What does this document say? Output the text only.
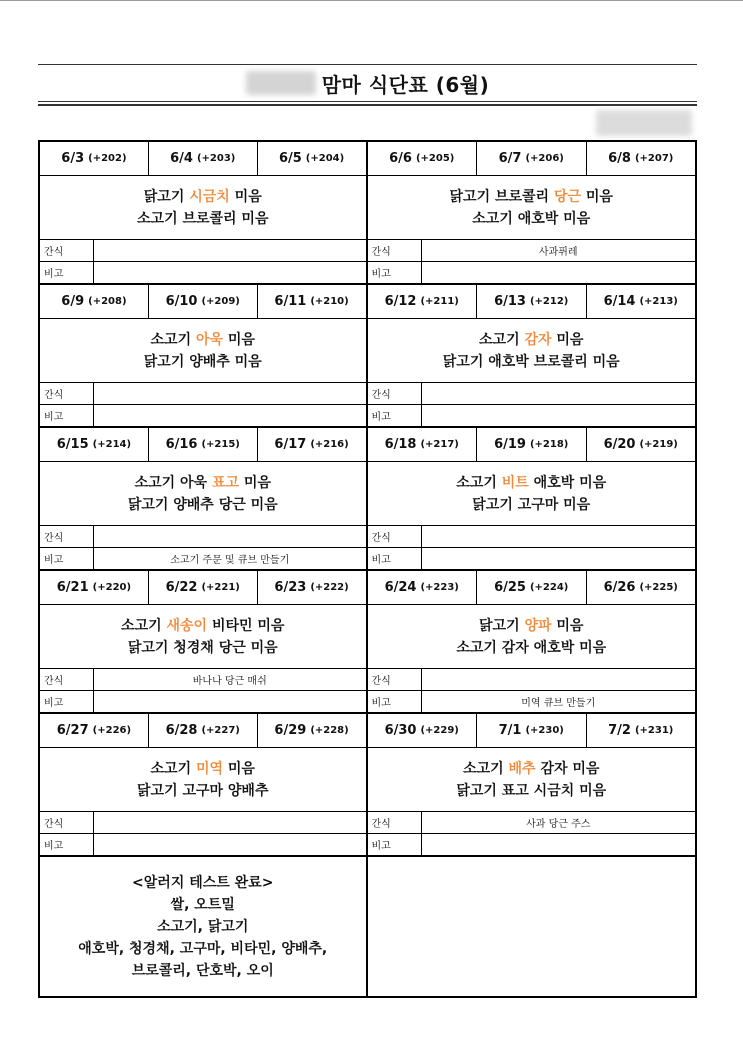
맘마 식단표 (6월)
6/3 (+202)	6/4 (+203)	6/5 (+204)
닭고기 시금치 미음
소고기 브로콜리 미음
간식
비고
6/6 (+205)	6/7 (+206)	6/8 (+207)
닭고기 브로콜리 당근 미음
소고기 애호박 미음
간식	사과퓌레
비고
6/9 (+208)	6/10 (+209)	6/11 (+210)
소고기 아욱 미음
닭고기 양배추 미음
간식
비고
6/12 (+211)	6/13 (+212)	6/14 (+213)
소고기 감자 미음
닭고기 애호박 브로콜리 미음
간식
비고
6/15 (+214)	6/16 (+215)	6/17 (+216)
소고기 아욱 표고 미음
닭고기 양배추 당근 미음
간식
비고	소고기 주문 및 큐브 만들기
6/18 (+217)	6/19 (+218)	6/20 (+219)
소고기 비트 애호박 미음
닭고기 고구마 미음
간식
비고
6/21 (+220)	6/22 (+221)	6/23 (+222)
소고기 새송이 비타민 미음
닭고기 청경채 당근 미음
간식	바나나 당근 매쉬
비고
6/24 (+223)	6/25 (+224)	6/26 (+225)
닭고기 양파 미음
소고기 감자 애호박 미음
간식
비고	미역 큐브 만들기
6/27 (+226)	6/28 (+227)	6/29 (+228)
소고기 미역 미음
닭고기 고구마 양배추
간식
비고
6/30 (+229)	7/1 (+230)	7/2 (+231)
소고기 배추 감자 미음
닭고기 표고 시금치 미음
간식	사과 당근 주스
비고
<알러지 테스트 완료>
쌀, 오트밀
소고기, 닭고기
애호박, 청경채, 고구마, 비타민, 양배추,
브로콜리, 단호박, 오이
